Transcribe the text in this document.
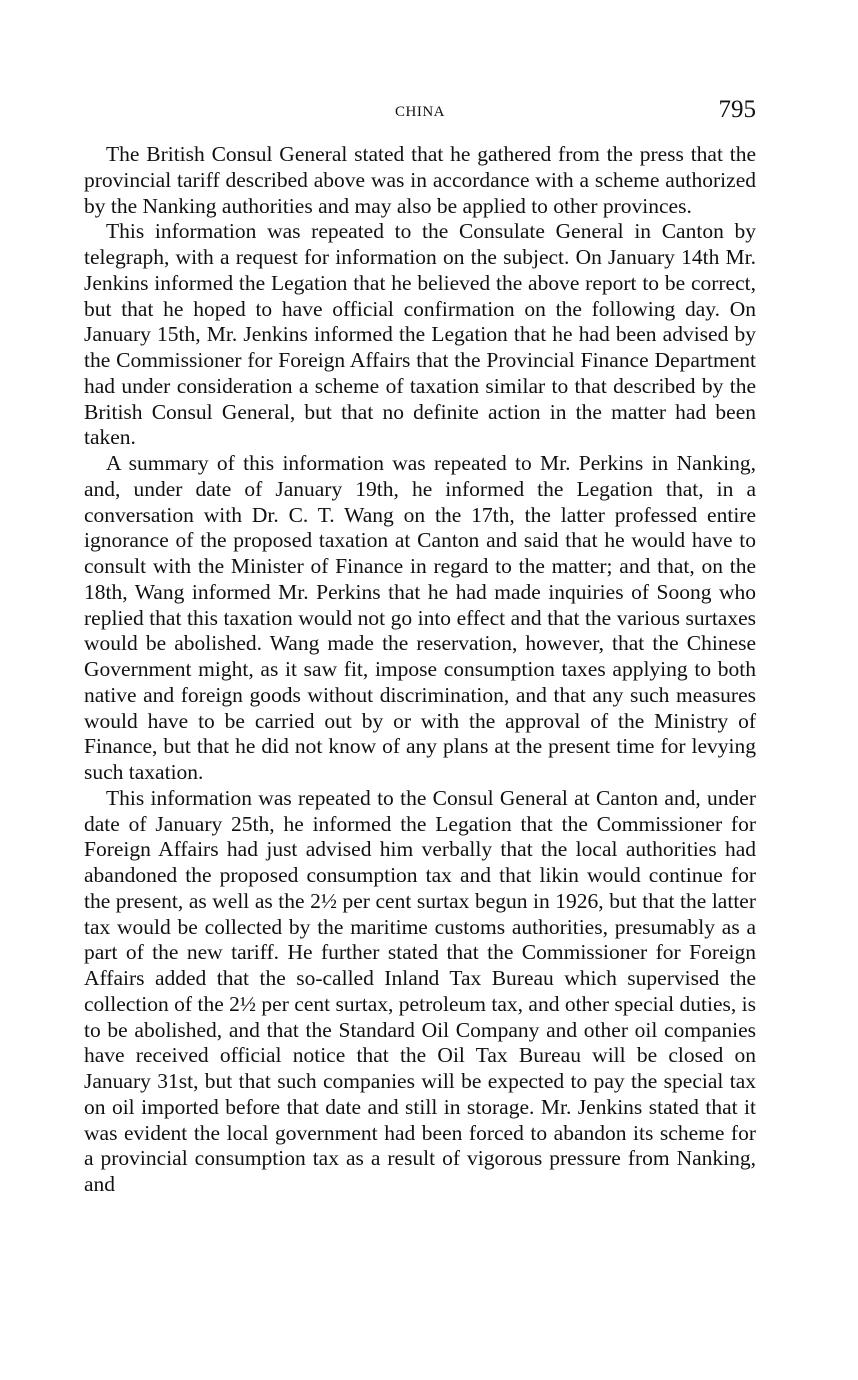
CHINA	795

The British Consul General stated that he gathered from the press that the provincial tariff described above was in accordance with a scheme authorized by the Nanking authorities and may also be applied to other provinces.

This information was repeated to the Consulate General in Canton by telegraph, with a request for information on the subject. On January 14th Mr. Jenkins informed the Legation that he believed the above report to be correct, but that he hoped to have official confirmation on the following day. On January 15th, Mr. Jenkins informed the Legation that he had been advised by the Commissioner for Foreign Affairs that the Provincial Finance Department had under consideration a scheme of taxation similar to that described by the British Consul General, but that no definite action in the matter had been taken.

A summary of this information was repeated to Mr. Perkins in Nanking, and, under date of January 19th, he informed the Legation that, in a conversation with Dr. C. T. Wang on the 17th, the latter professed entire ignorance of the proposed taxation at Canton and said that he would have to consult with the Minister of Finance in regard to the matter; and that, on the 18th, Wang informed Mr. Perkins that he had made inquiries of Soong who replied that this taxation would not go into effect and that the various surtaxes would be abolished. Wang made the reservation, however, that the Chinese Government might, as it saw fit, impose consumption taxes applying to both native and foreign goods without discrimination, and that any such measures would have to be carried out by or with the approval of the Ministry of Finance, but that he did not know of any plans at the present time for levying such taxation.

This information was repeated to the Consul General at Canton and, under date of January 25th, he informed the Legation that the Commissioner for Foreign Affairs had just advised him verbally that the local authorities had abandoned the proposed consumption tax and that likin would continue for the present, as well as the 2½ per cent surtax begun in 1926, but that the latter tax would be collected by the maritime customs authorities, presumably as a part of the new tariff. He further stated that the Commissioner for Foreign Affairs added that the so-called Inland Tax Bureau which supervised the collection of the 2½ per cent surtax, petroleum tax, and other special duties, is to be abolished, and that the Standard Oil Company and other oil companies have received official notice that the Oil Tax Bureau will be closed on January 31st, but that such companies will be expected to pay the special tax on oil imported before that date and still in storage. Mr. Jenkins stated that it was evident the local government had been forced to abandon its scheme for a provincial consumption tax as a result of vigorous pressure from Nanking, and
